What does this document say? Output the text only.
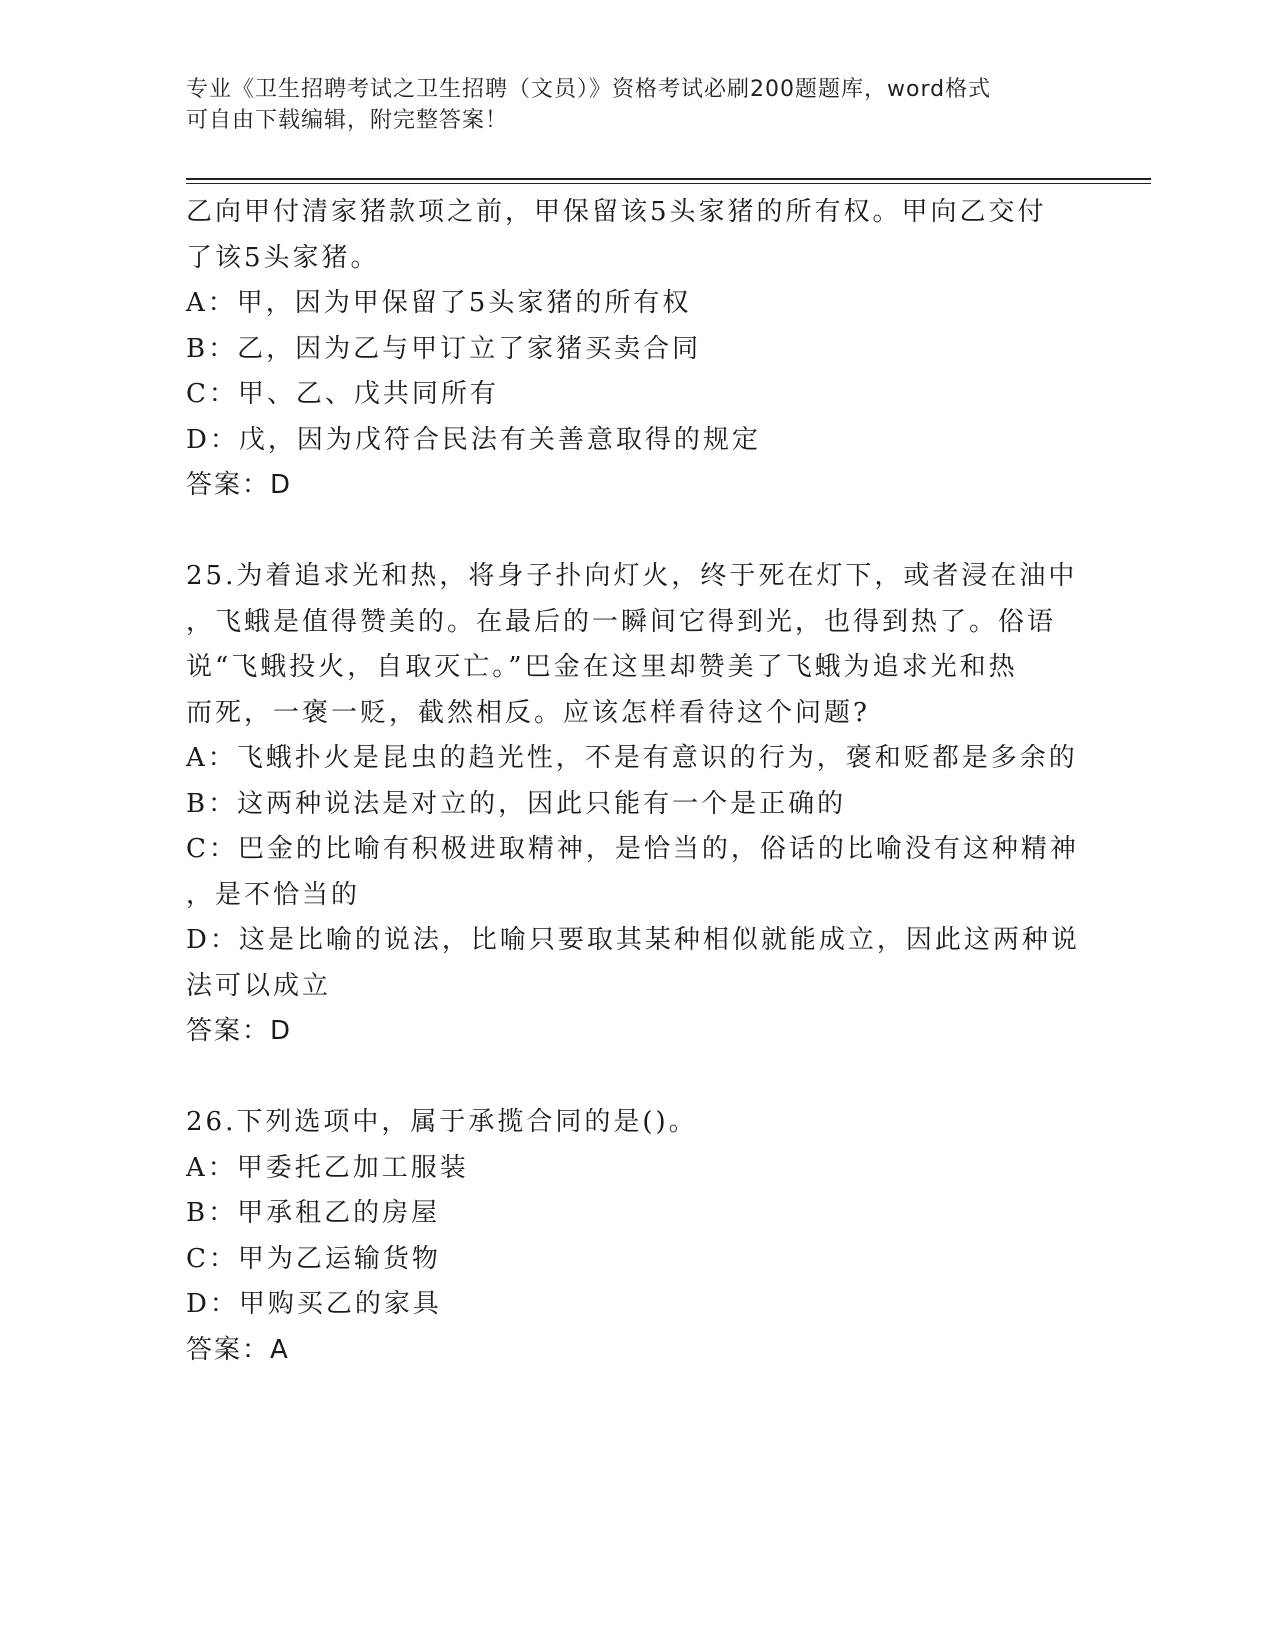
专业《卫生招聘考试之卫生招聘（文员）》资格考试必刷200题题库，word格式
可自由下载编辑，附完整答案！
乙向甲付清家猪款项之前，甲保留该5头家猪的所有权。甲向乙交付
了该5头家猪。
A：甲，因为甲保留了5头家猪的所有权
B：乙，因为乙与甲订立了家猪买卖合同
C：甲、乙、戊共同所有
D：戊，因为戊符合民法有关善意取得的规定
答案：D
25.为着追求光和热，将身子扑向灯火，终于死在灯下，或者浸在油中
，飞蛾是值得赞美的。在最后的一瞬间它得到光，也得到热了。俗语
说“飞蛾投火，自取灭亡。”巴金在这里却赞美了飞蛾为追求光和热
而死，一褒一贬，截然相反。应该怎样看待这个问题?
A：飞蛾扑火是昆虫的趋光性，不是有意识的行为，褒和贬都是多余的
B：这两种说法是对立的，因此只能有一个是正确的
C：巴金的比喻有积极进取精神，是恰当的，俗话的比喻没有这种精神
，是不恰当的
D：这是比喻的说法，比喻只要取其某种相似就能成立，因此这两种说
法可以成立
答案：D
26.下列选项中，属于承揽合同的是()。
A：甲委托乙加工服装
B：甲承租乙的房屋
C：甲为乙运输货物
D：甲购买乙的家具
答案：A
